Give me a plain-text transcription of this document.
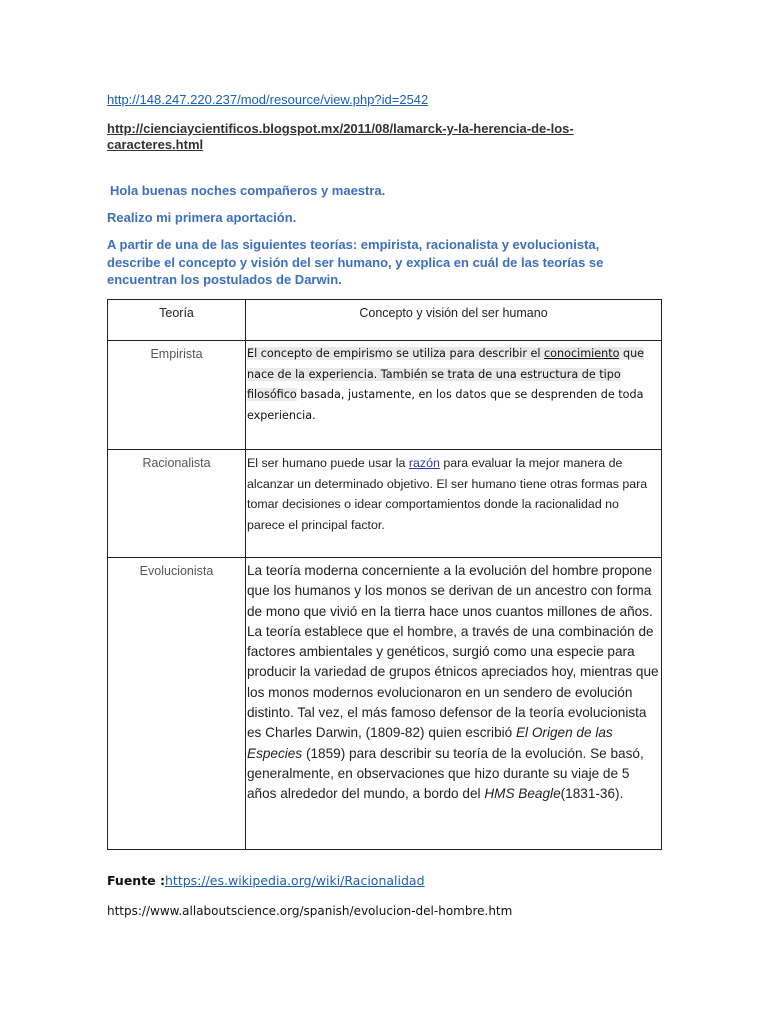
http://148.247.220.237/mod/resource/view.php?id=2542
http://cienciaycientificos.blogspot.mx/2011/08/lamarck-y-la-herencia-de-los-caracteres.html
Hola buenas noches compañeros y maestra.
Realizo mi primera aportación.
A partir de una de las siguientes teorías: empirista, racionalista y evolucionista, describe el concepto y visión del ser humano, y explica en cuál de las teorías se encuentran los postulados de Darwin.
Teoría	Concepto y visión del ser humano

Empirista	El concepto de empirismo se utiliza para describir el conocimiento que nace de la experiencia. También se trata de una estructura de tipo filosófico basada, justamente, en los datos que se desprenden de toda experiencia.

Racionalista	El ser humano puede usar la razón para evaluar la mejor manera de alcanzar un determinado objetivo. El ser humano tiene otras formas para tomar decisiones o idear comportamientos donde la racionalidad no parece el principal factor.

Evolucionista	La teoría moderna concerniente a la evolución del hombre propone que los humanos y los monos se derivan de un ancestro con forma de mono que vivió en la tierra hace unos cuantos millones de años. La teoría establece que el hombre, a través de una combinación de factores ambientales y genéticos, surgió como una especie para producir la variedad de grupos étnicos apreciados hoy, mientras que los monos modernos evolucionaron en un sendero de evolución distinto. Tal vez, el más famoso defensor de la teoría evolucionista es Charles Darwin, (1809-82) quien escribió El Origen de las Especies (1859) para describir su teoría de la evolución. Se basó, generalmente, en observaciones que hizo durante su viaje de 5 años alrededor del mundo, a bordo del HMS Beagle(1831-36).
Fuente :https://es.wikipedia.org/wiki/Racionalidad
https://www.allaboutscience.org/spanish/evolucion-del-hombre.htm
